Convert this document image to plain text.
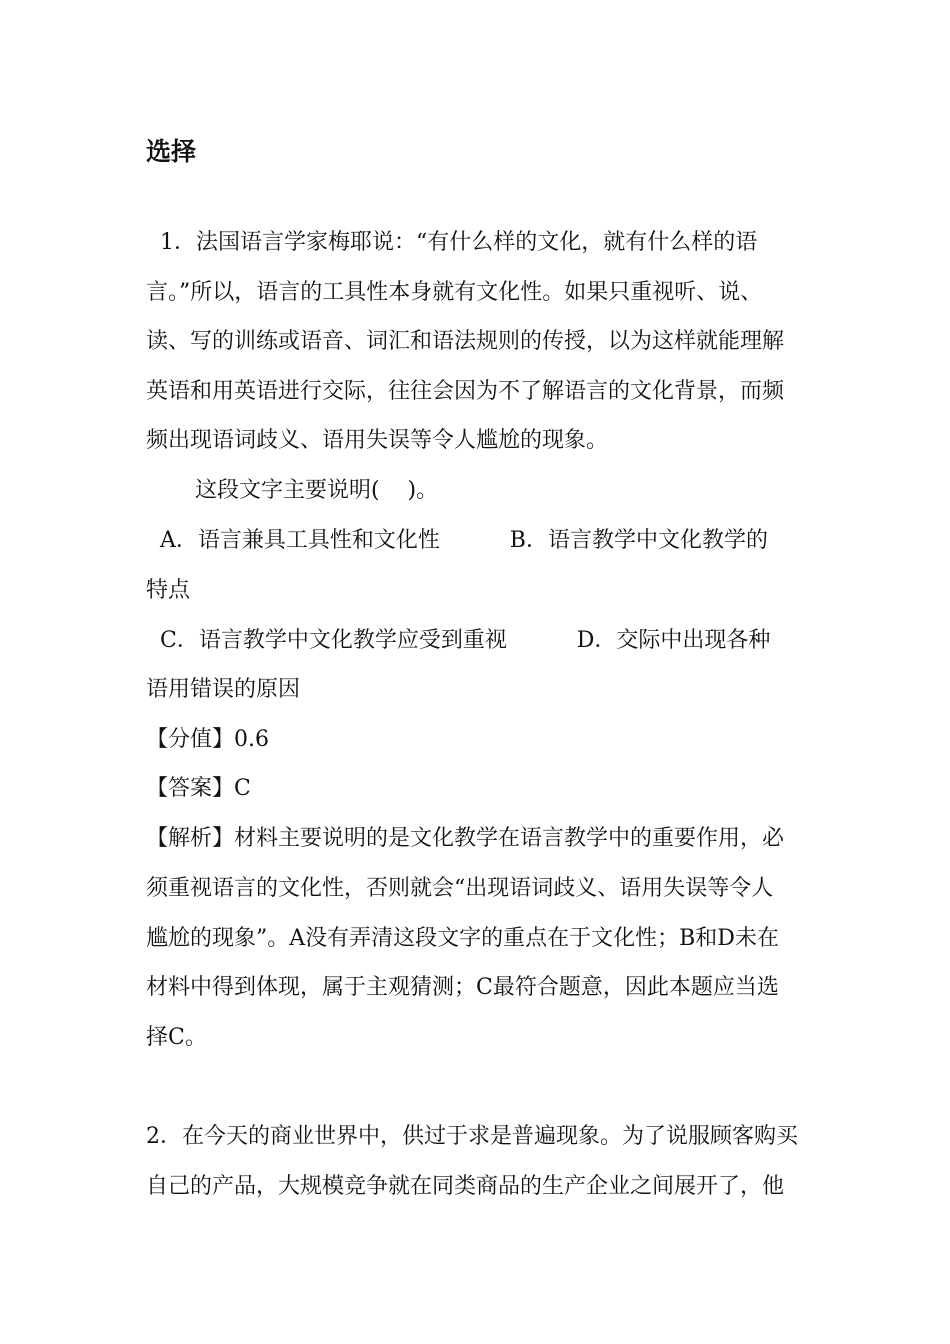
选择

1．法国语言学家梅耶说：“有什么样的文化，就有什么样的语

言。”所以，语言的工具性本身就有文化性。如果只重视听、说、

读、写的训练或语音、词汇和语法规则的传授，以为这样就能理解

英语和用英语进行交际，往往会因为不了解语言的文化背景，而频

频出现语词歧义、语用失误等令人尴尬的现象。

这段文字主要说明(    )。

A．语言兼具工具性和文化性          B．语言教学中文化教学的

特点

C．语言教学中文化教学应受到重视          D．交际中出现各种

语用错误的原因

【分值】0.6

【答案】C

【解析】材料主要说明的是文化教学在语言教学中的重要作用，必

须重视语言的文化性，否则就会“出现语词歧义、语用失误等令人

尴尬的现象”。A没有弄清这段文字的重点在于文化性；B和D未在

材料中得到体现，属于主观猜测；C最符合题意，因此本题应当选

择C。

2．在今天的商业世界中，供过于求是普遍现象。为了说服顾客购买

自己的产品，大规模竞争就在同类商品的生产企业之间展开了，他
